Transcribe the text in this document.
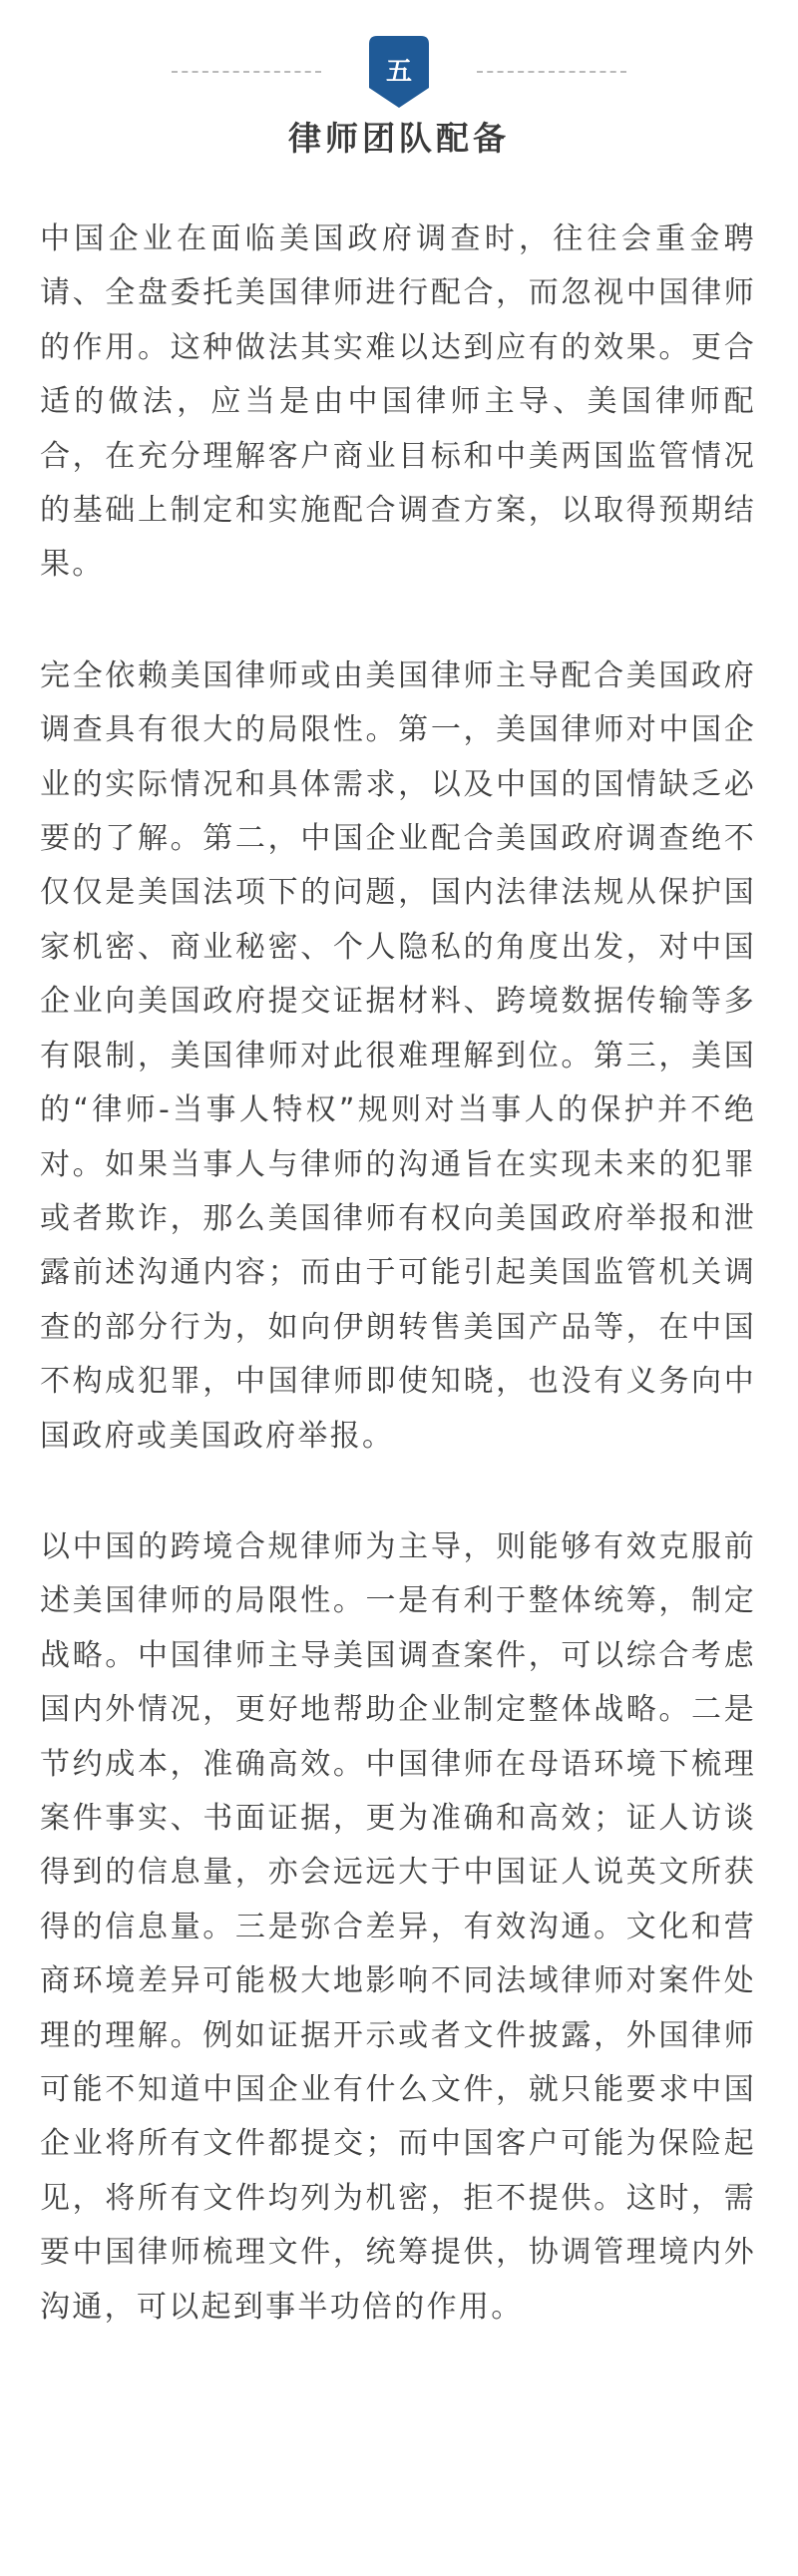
五
律师团队配备

中国企业在面临美国政府调查时，往往会重金聘请、全盘委托美国律师进行配合，而忽视中国律师的作用。这种做法其实难以达到应有的效果。更合适的做法，应当是由中国律师主导、美国律师配合，在充分理解客户商业目标和中美两国监管情况的基础上制定和实施配合调查方案，以取得预期结果。

完全依赖美国律师或由美国律师主导配合美国政府调查具有很大的局限性。第一，美国律师对中国企业的实际情况和具体需求，以及中国的国情缺乏必要的了解。第二，中国企业配合美国政府调查绝不仅仅是美国法项下的问题，国内法律法规从保护国家机密、商业秘密、个人隐私的角度出发，对中国企业向美国政府提交证据材料、跨境数据传输等多有限制，美国律师对此很难理解到位。第三，美国的“律师-当事人特权”规则对当事人的保护并不绝对。如果当事人与律师的沟通旨在实现未来的犯罪或者欺诈，那么美国律师有权向美国政府举报和泄露前述沟通内容；而由于可能引起美国监管机关调查的部分行为，如向伊朗转售美国产品等，在中国不构成犯罪，中国律师即使知晓，也没有义务向中国政府或美国政府举报。

以中国的跨境合规律师为主导，则能够有效克服前述美国律师的局限性。一是有利于整体统筹，制定战略。中国律师主导美国调查案件，可以综合考虑国内外情况，更好地帮助企业制定整体战略。二是节约成本，准确高效。中国律师在母语环境下梳理案件事实、书面证据，更为准确和高效；证人访谈得到的信息量，亦会远远大于中国证人说英文所获得的信息量。三是弥合差异，有效沟通。文化和营商环境差异可能极大地影响不同法域律师对案件处理的理解。例如证据开示或者文件披露，外国律师可能不知道中国企业有什么文件，就只能要求中国企业将所有文件都提交；而中国客户可能为保险起见，将所有文件均列为机密，拒不提供。这时，需要中国律师梳理文件，统筹提供，协调管理境内外沟通，可以起到事半功倍的作用。
